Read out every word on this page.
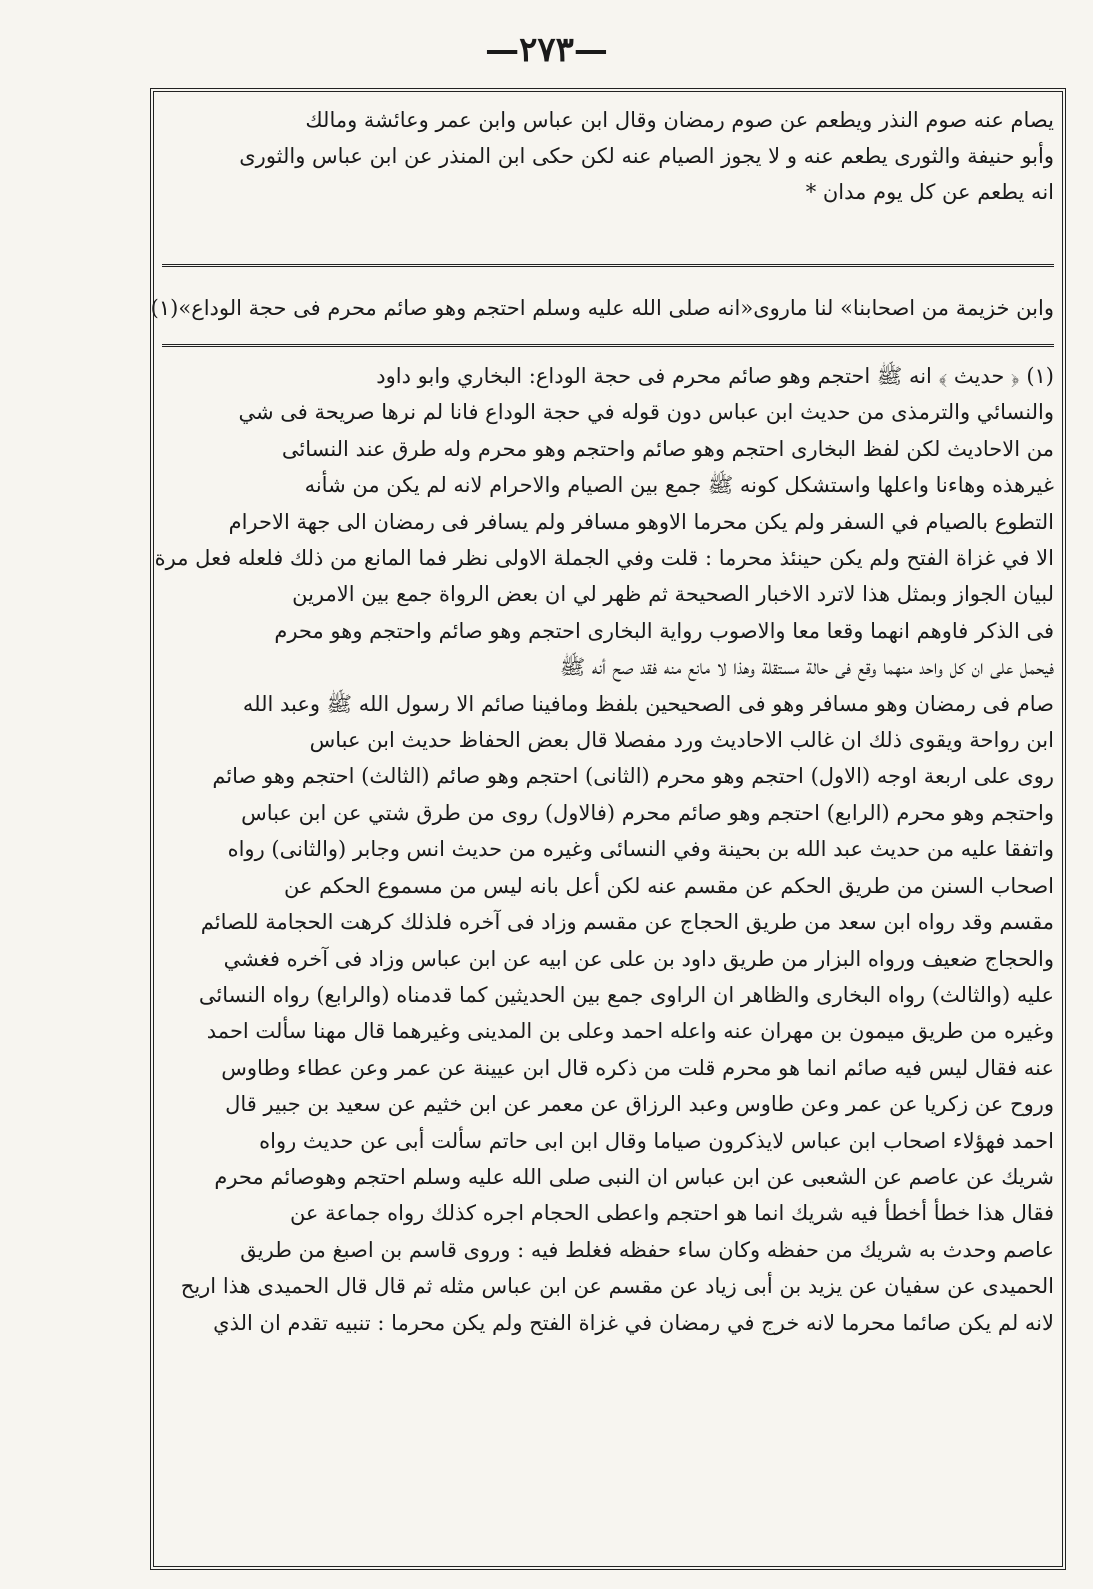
—٢٧٣—
يصام عنه صوم النذر ويطعم عن صوم رمضان وقال ابن عباس وابن عمر وعائشة ومالك
وأبو حنيفة والثورى يطعم عنه و لا يجوز الصيام عنه لكن حكى ابن المنذر عن ابن عباس والثورى
انه يطعم عن كل يوم مدان *
وابن خزيمة من اصحابنا» لنا ماروى«انه صلى الله عليه وسلم احتجم وهو صائم محرم فى حجة الوداع»(١)
(١) ﴿ حديث ﴾ انه ﷺ احتجم وهو صائم محرم فى حجة الوداع: البخاري وابو داود
والنسائي والترمذى من حديث ابن عباس دون قوله في حجة الوداع فانا لم نرها صريحة فى شي
من الاحاديث لكن لفظ البخارى احتجم وهو صائم واحتجم وهو محرم وله طرق عند النسائى
غيرهذه وهاءنا واعلها واستشكل كونه ﷺ جمع بين الصيام والاحرام لانه لم يكن من شأنه
التطوع بالصيام في السفر ولم يكن محرما الاوهو مسافر ولم يسافر فى رمضان الى جهة الاحرام
الا في غزاة الفتح ولم يكن حينئذ محرما : قلت وفي الجملة الاولى نظر فما المانع من ذلك فلعله فعل مرة
لبيان الجواز وبمثل هذا لاترد الاخبار الصحيحة ثم ظهر لي ان بعض الرواة جمع بين الامرين
فى الذكر فاوهم انهما وقعا معا والاصوب رواية البخارى احتجم وهو صائم واحتجم وهو محرم
فيحمل على ان كل واحد منهما وقع فى حالة مستقلة وهذا لا مانع منه فقد صح أنه ﷺ
صام فى رمضان وهو مسافر وهو فى الصحيحين بلفظ ومافينا صائم الا رسول الله ﷺ وعبد الله
ابن رواحة ويقوى ذلك ان غالب الاحاديث ورد مفصلا قال بعض الحفاظ حديث ابن عباس
روى على اربعة اوجه (الاول) احتجم وهو محرم (الثانى) احتجم وهو صائم (الثالث) احتجم وهو صائم
واحتجم وهو محرم (الرابع) احتجم وهو صائم محرم (فالاول) روى من طرق شتي عن ابن عباس
واتفقا عليه من حديث عبد الله بن بحينة وفي النسائى وغيره من حديث انس وجابر (والثانى) رواه
اصحاب السنن من طريق الحكم عن مقسم عنه لكن أعل بانه ليس من مسموع الحكم عن
مقسم وقد رواه ابن سعد من طريق الحجاج عن مقسم وزاد فى آخره فلذلك كرهت الحجامة للصائم
والحجاج ضعيف ورواه البزار من طريق داود بن على عن ابيه عن ابن عباس وزاد فى آخره فغشي
عليه (والثالث) رواه البخارى والظاهر ان الراوى جمع بين الحديثين كما قدمناه (والرابع) رواه النسائى
وغيره من طريق ميمون بن مهران عنه واعله احمد وعلى بن المدينى وغيرهما قال مهنا سألت احمد
عنه فقال ليس فيه صائم انما هو محرم قلت من ذكره قال ابن عيينة عن عمر وعن عطاء وطاوس
وروح عن زكريا عن عمر وعن طاوس وعبد الرزاق عن معمر عن ابن خثيم عن سعيد بن جبير قال
احمد فهؤلاء اصحاب ابن عباس لايذكرون صياما وقال ابن ابى حاتم سألت أبى عن حديث رواه
شريك عن عاصم عن الشعبى عن ابن عباس ان النبى صلى الله عليه وسلم احتجم وهوصائم محرم
فقال هذا خطأ أخطأ فيه شريك انما هو احتجم واعطى الحجام اجره كذلك رواه جماعة عن
عاصم وحدث به شريك من حفظه وكان ساء حفظه فغلط فيه : وروى قاسم بن اصبغ من طريق
الحميدى عن سفيان عن يزيد بن أبى زياد عن مقسم عن ابن عباس مثله ثم قال قال الحميدى هذا اريح
لانه لم يكن صائما محرما لانه خرج في رمضان في غزاة الفتح ولم يكن محرما : تنبيه تقدم ان الذي
